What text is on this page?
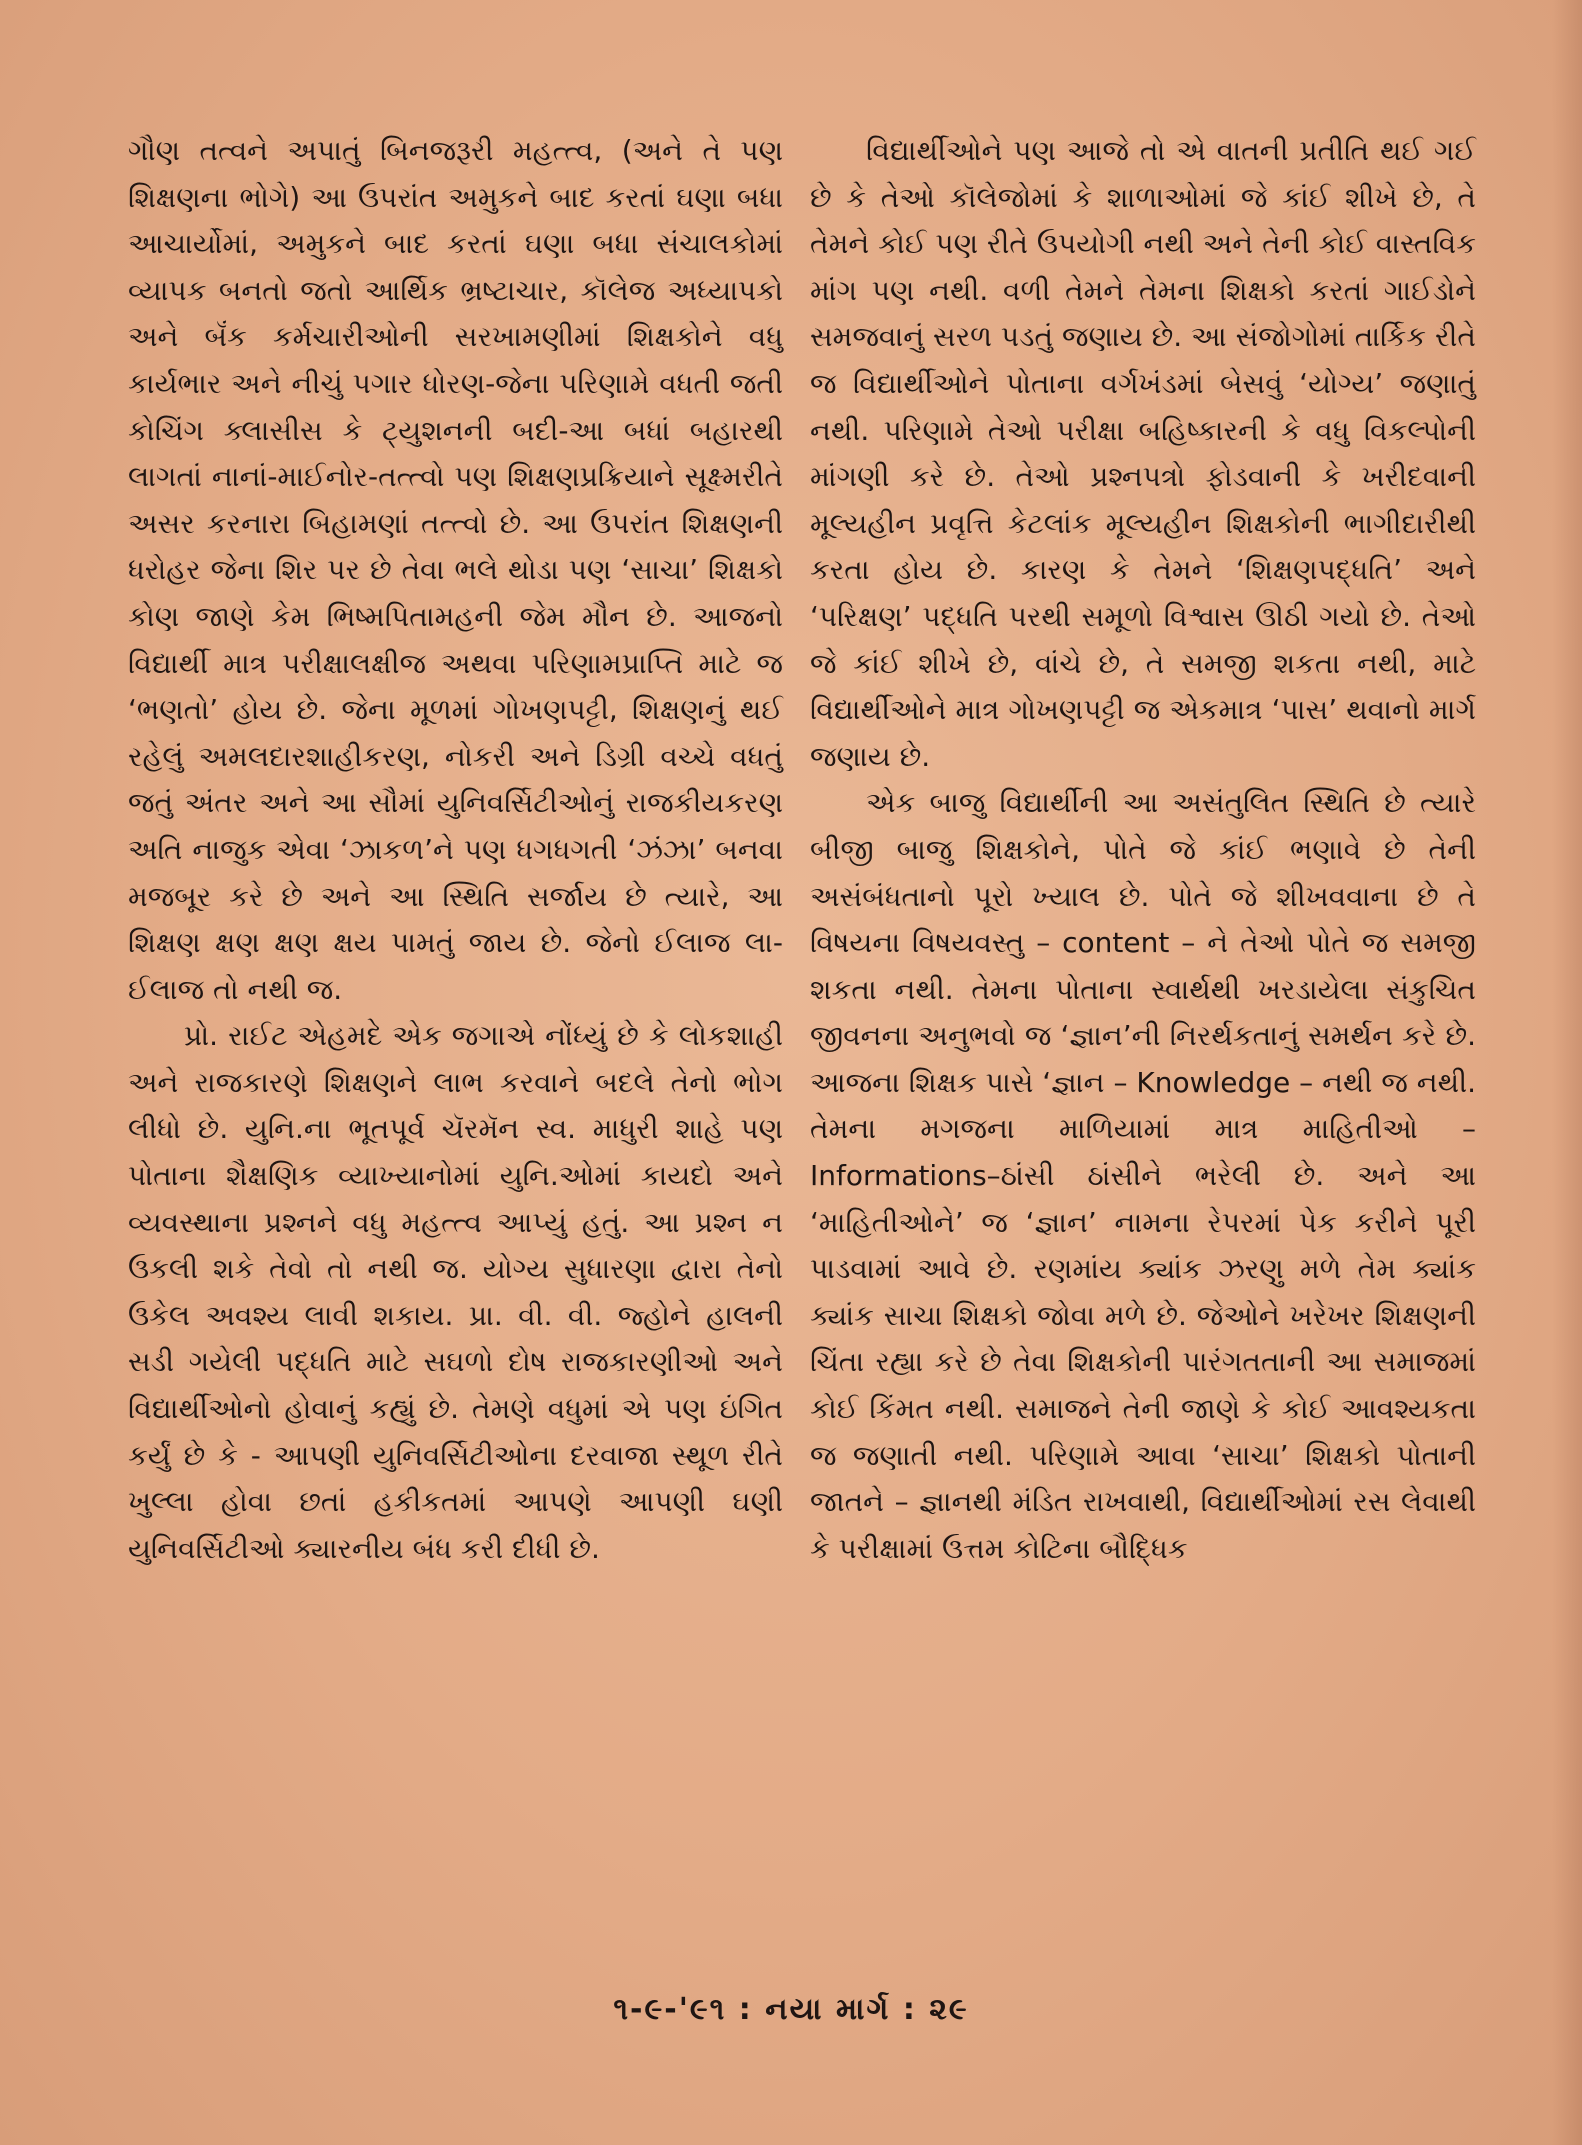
ગૌણ તત્વને અપાતું બિનજરૂરી મહત્ત્વ, (અને તે પણ શિક્ષણના ભોગે) આ ઉપરાંત અમુકને બાદ કરતાં ઘણા બધા આચાર્યોમાં, અમુકને બાદ કરતાં ઘણા બધા સંચાલકોમાં વ્યાપક બનતો જતો આર્થિક ભ્રષ્ટાચાર, કૉલેજ અધ્યાપકો અને બૅંક કર્મચારીઓની સરખામણીમાં શિક્ષકોને વધુ કાર્યભાર અને નીચું પગાર ધોરણ-જેના પરિણામે વધતી જતી કોચિંગ ક્લાસીસ કે ટ્યુશનની બદી-આ બધાં બહારથી લાગતાં નાનાં-માઈનોર-તત્ત્વો પણ શિક્ષણપ્રક્રિયાને સૂક્ષ્મરીતે અસર કરનારા બિહામણાં તત્ત્વો છે. આ ઉપરાંત શિક્ષણની ધરોહર જેના શિર પર છે તેવા ભલે થોડા પણ ‘સાચા’ શિક્ષકો કોણ જાણે કેમ ભિષ્મપિતામહની જેમ મૌન છે. આજનો વિદ્યાર્થી માત્ર પરીક્ષાલક્ષીજ અથવા પરિણામપ્રાપ્તિ માટે જ ‘ભણતો’ હોય છે. જેના મૂળમાં ગોખણપટ્ટી, શિક્ષણનું થઈ રહેલું અમલદારશાહીકરણ, નોકરી અને ડિગ્રી વચ્ચે વધતું જતું અંતર અને આ સૌમાં યુનિવર્સિટીઓનું રાજકીયકરણ અતિ નાજુક એવા ‘ઝાકળ’ને પણ ધગધગતી ‘ઝંઝા’ બનવા મજબૂર કરે છે અને આ સ્થિતિ સર્જાય છે ત્યારે, આ શિક્ષણ ક્ષણ ક્ષણ ક્ષય પામતું જાય છે. જેનો ઈલાજ લા-ઈલાજ તો નથી જ.

પ્રો. રાઈટ એહમદે એક જગાએ નોંધ્યું છે કે લોકશાહી અને રાજકારણે શિક્ષણને લાભ કરવાને બદલે તેનો ભોગ લીધો છે. યુનિ.ના ભૂતપૂર્વ ચૅરમૅન સ્વ. માધુરી શાહે પણ પોતાના શૈક્ષણિક વ્યાખ્યાનોમાં યુનિ.ઓમાં કાયદો અને વ્યવસ્થાના પ્રશ્નને વધુ મહત્ત્વ આપ્યું હતું. આ પ્રશ્ન ન ઉકલી શકે તેવો તો નથી જ. યોગ્ય સુધારણા દ્વારા તેનો ઉકેલ અવશ્ય લાવી શકાય. પ્રા. વી. વી. જ્હોને હાલની સડી ગયેલી પદ્ધતિ માટે સઘળો દોષ રાજકારણીઓ અને વિદ્યાર્થીઓનો હોવાનું કહ્યું છે. તેમણે વધુમાં એ પણ ઇંગિત કર્યું છે કે - આપણી યુનિવર્સિટીઓના દરવાજા સ્થૂળ રીતે ખુલ્લા હોવા છતાં હકીકતમાં આપણે આપણી ઘણી યુનિવર્સિટીઓ ક્યારનીય બંધ કરી દીધી છે.

વિદ્યાર્થીઓને પણ આજે તો એ વાતની પ્રતીતિ થઈ ગઈ છે કે તેઓ કૉલેજોમાં કે શાળાઓમાં જે કાંઈ શીખે છે, તે તેમને કોઈ પણ રીતે ઉપયોગી નથી અને તેની કોઈ વાસ્તવિક માંગ પણ નથી. વળી તેમને તેમના શિક્ષકો કરતાં ગાઈડોને સમજવાનું સરળ પડતું જણાય છે. આ સંજોગોમાં તાર્કિક રીતે જ વિદ્યાર્થીઓને પોતાના વર્ગખંડમાં બેસવું ‘યોગ્ય’ જણાતું નથી. પરિણામે તેઓ પરીક્ષા બહિષ્કારની કે વધુ વિકલ્પોની માંગણી કરે છે. તેઓ પ્રશ્નપત્રો ફોડવાની કે ખરીદવાની મૂલ્યહીન પ્રવૃત્તિ કેટલાંક મૂલ્યહીન શિક્ષકોની ભાગીદારીથી કરતા હોય છે. કારણ કે તેમને ‘શિક્ષણપદ્ધતિ’ અને ‘પરિક્ષણ’ પદ્ધતિ પરથી સમૂળો વિશ્વાસ ઊઠી ગયો છે. તેઓ જે કાંઈ શીખે છે, વાંચે છે, તે સમજી શકતા નથી, માટે વિદ્યાર્થીઓને માત્ર ગોખણપટ્ટી જ એકમાત્ર ‘પાસ’ થવાનો માર્ગ જણાય છે.

એક બાજુ વિદ્યાર્થીની આ અસંતુલિત સ્થિતિ છે ત્યારે બીજી બાજુ શિક્ષકોને, પોતે જે કાંઈ ભણાવે છે તેની અસંબંધતાનો પૂરો ખ્યાલ છે. પોતે જે શીખવવાના છે તે વિષયના વિષયવસ્તુ – content – ને તેઓ પોતે જ સમજી શકતા નથી. તેમના પોતાના સ્વાર્થથી ખરડાયેલા સંકુચિત જીવનના અનુભવો જ ‘જ્ઞાન’ની નિરર્થકતાનું સમર્થન કરે છે. આજના શિક્ષક પાસે ‘જ્ઞાન – Knowledge – નથી જ નથી. તેમના મગજના માળિયામાં માત્ર માહિતીઓ – Informations–ઠાંસી ઠાંસીને ભરેલી છે. અને આ ‘માહિતીઓને’ જ ‘જ્ઞાન’ નામના રેપરમાં પેક કરીને પૂરી પાડવામાં આવે છે. રણમાંય ક્યાંક ઝરણુ મળે તેમ ક્યાંક ક્યાંક સાચા શિક્ષકો જોવા મળે છે. જેઓને ખરેખર શિક્ષણની ચિંતા રહ્યા કરે છે તેવા શિક્ષકોની પારંગતતાની આ સમાજમાં કોઈ કિંમત નથી. સમાજને તેની જાણે કે કોઈ આવશ્યકતા જ જણાતી નથી. પરિણામે આવા ‘સાચા’ શિક્ષકો પોતાની જાતને – જ્ઞાનથી મંડિત રાખવાથી, વિદ્યાર્થીઓમાં રસ લેવાથી કે પરીક્ષામાં ઉત્તમ કોટિના બૌદ્ધિક

૧-૯-'૯૧ : નયા માર્ગ : ૨૯
